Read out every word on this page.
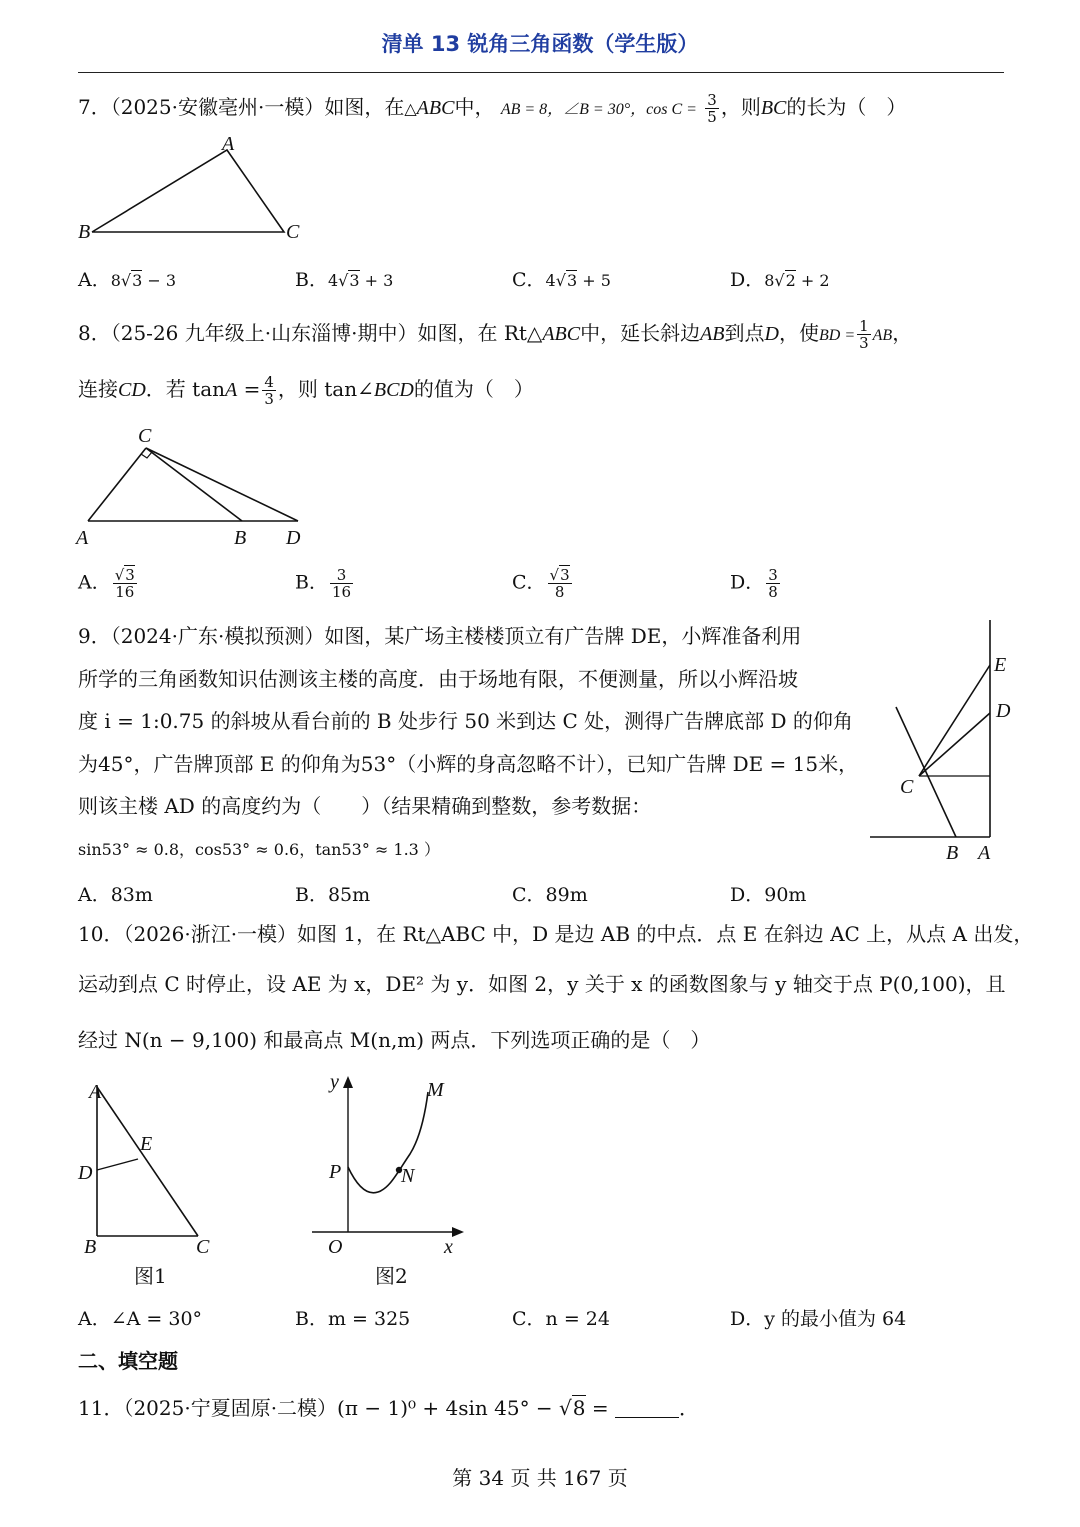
清单 13 锐角三角函数（学生版）
7．（2025·安徽亳州·一模）如图，在△ABC中， AB = 8，∠B = 30°，$\cos C = \frac{3}{5}$ ，则BC的长为（　）
A
B	C
A．8√3 − 3	B．4√3 + 3	C．4√3 + 5	D．8√2 + 2
8．（25-26 九年级上·山东淄博·期中）如图，在 Rt△ABC中，延长斜边AB到点D，使BD = $\frac{1}{3}$ AB，
连接CD．若 $\tan A = \frac{4}{3}$ ，则 tan∠BCD的值为（　）
C
A	B D
A． $\frac{√3}{16}$	B． $\frac{3}{16}$	C． $\frac{√3}{8}$	D． $\frac{3}{8}$
9．（2024·广东·模拟预测）如图，某广场主楼楼顶立有广告牌 DE，小辉准备利用
所学的三角函数知识估测该主楼的高度．由于场地有限，不便测量，所以小辉沿坡
度 i = 1:0.75 的斜坡从看台前的 B 处步行 50 米到达 C 处，测得广告牌底部 D 的仰角
为45°，广告牌顶部 E 的仰角为53°（小辉的身高忽略不计），已知广告牌 DE = 15米，
则该主楼 AD 的高度约为（　　）（结果精确到整数，参考数据：
sin53° ≈ 0.8，cos53° ≈ 0.6，tan53° ≈ 1.3 ）
E
D
C
B A
A．83m	B．85m	C．89m	D．90m
10．（2026·浙江·一模）如图 1，在 Rt△ABC 中，D 是边 AB 的中点．点 E 在斜边 AC 上，从点 A 出发，
运动到点 C 时停止，设 AE 为 x，DE² 为 y．如图 2，y 关于 x 的函数图象与 y 轴交于点 P(0,100)，且
经过 N(n − 9,100) 和最高点 M(n,m) 两点．下列选项正确的是（　）
A
E
D
B	C
图1
y	M
P	N
O	x
图2
A．∠A = 30°	B．m = 325	C．n = 24	D．y 的最小值为 64
二、填空题
11．（2025·宁夏固原·二模）(π − 1)⁰ + 4sin 45° − √8 =	．
第 34 页 共 167 页
